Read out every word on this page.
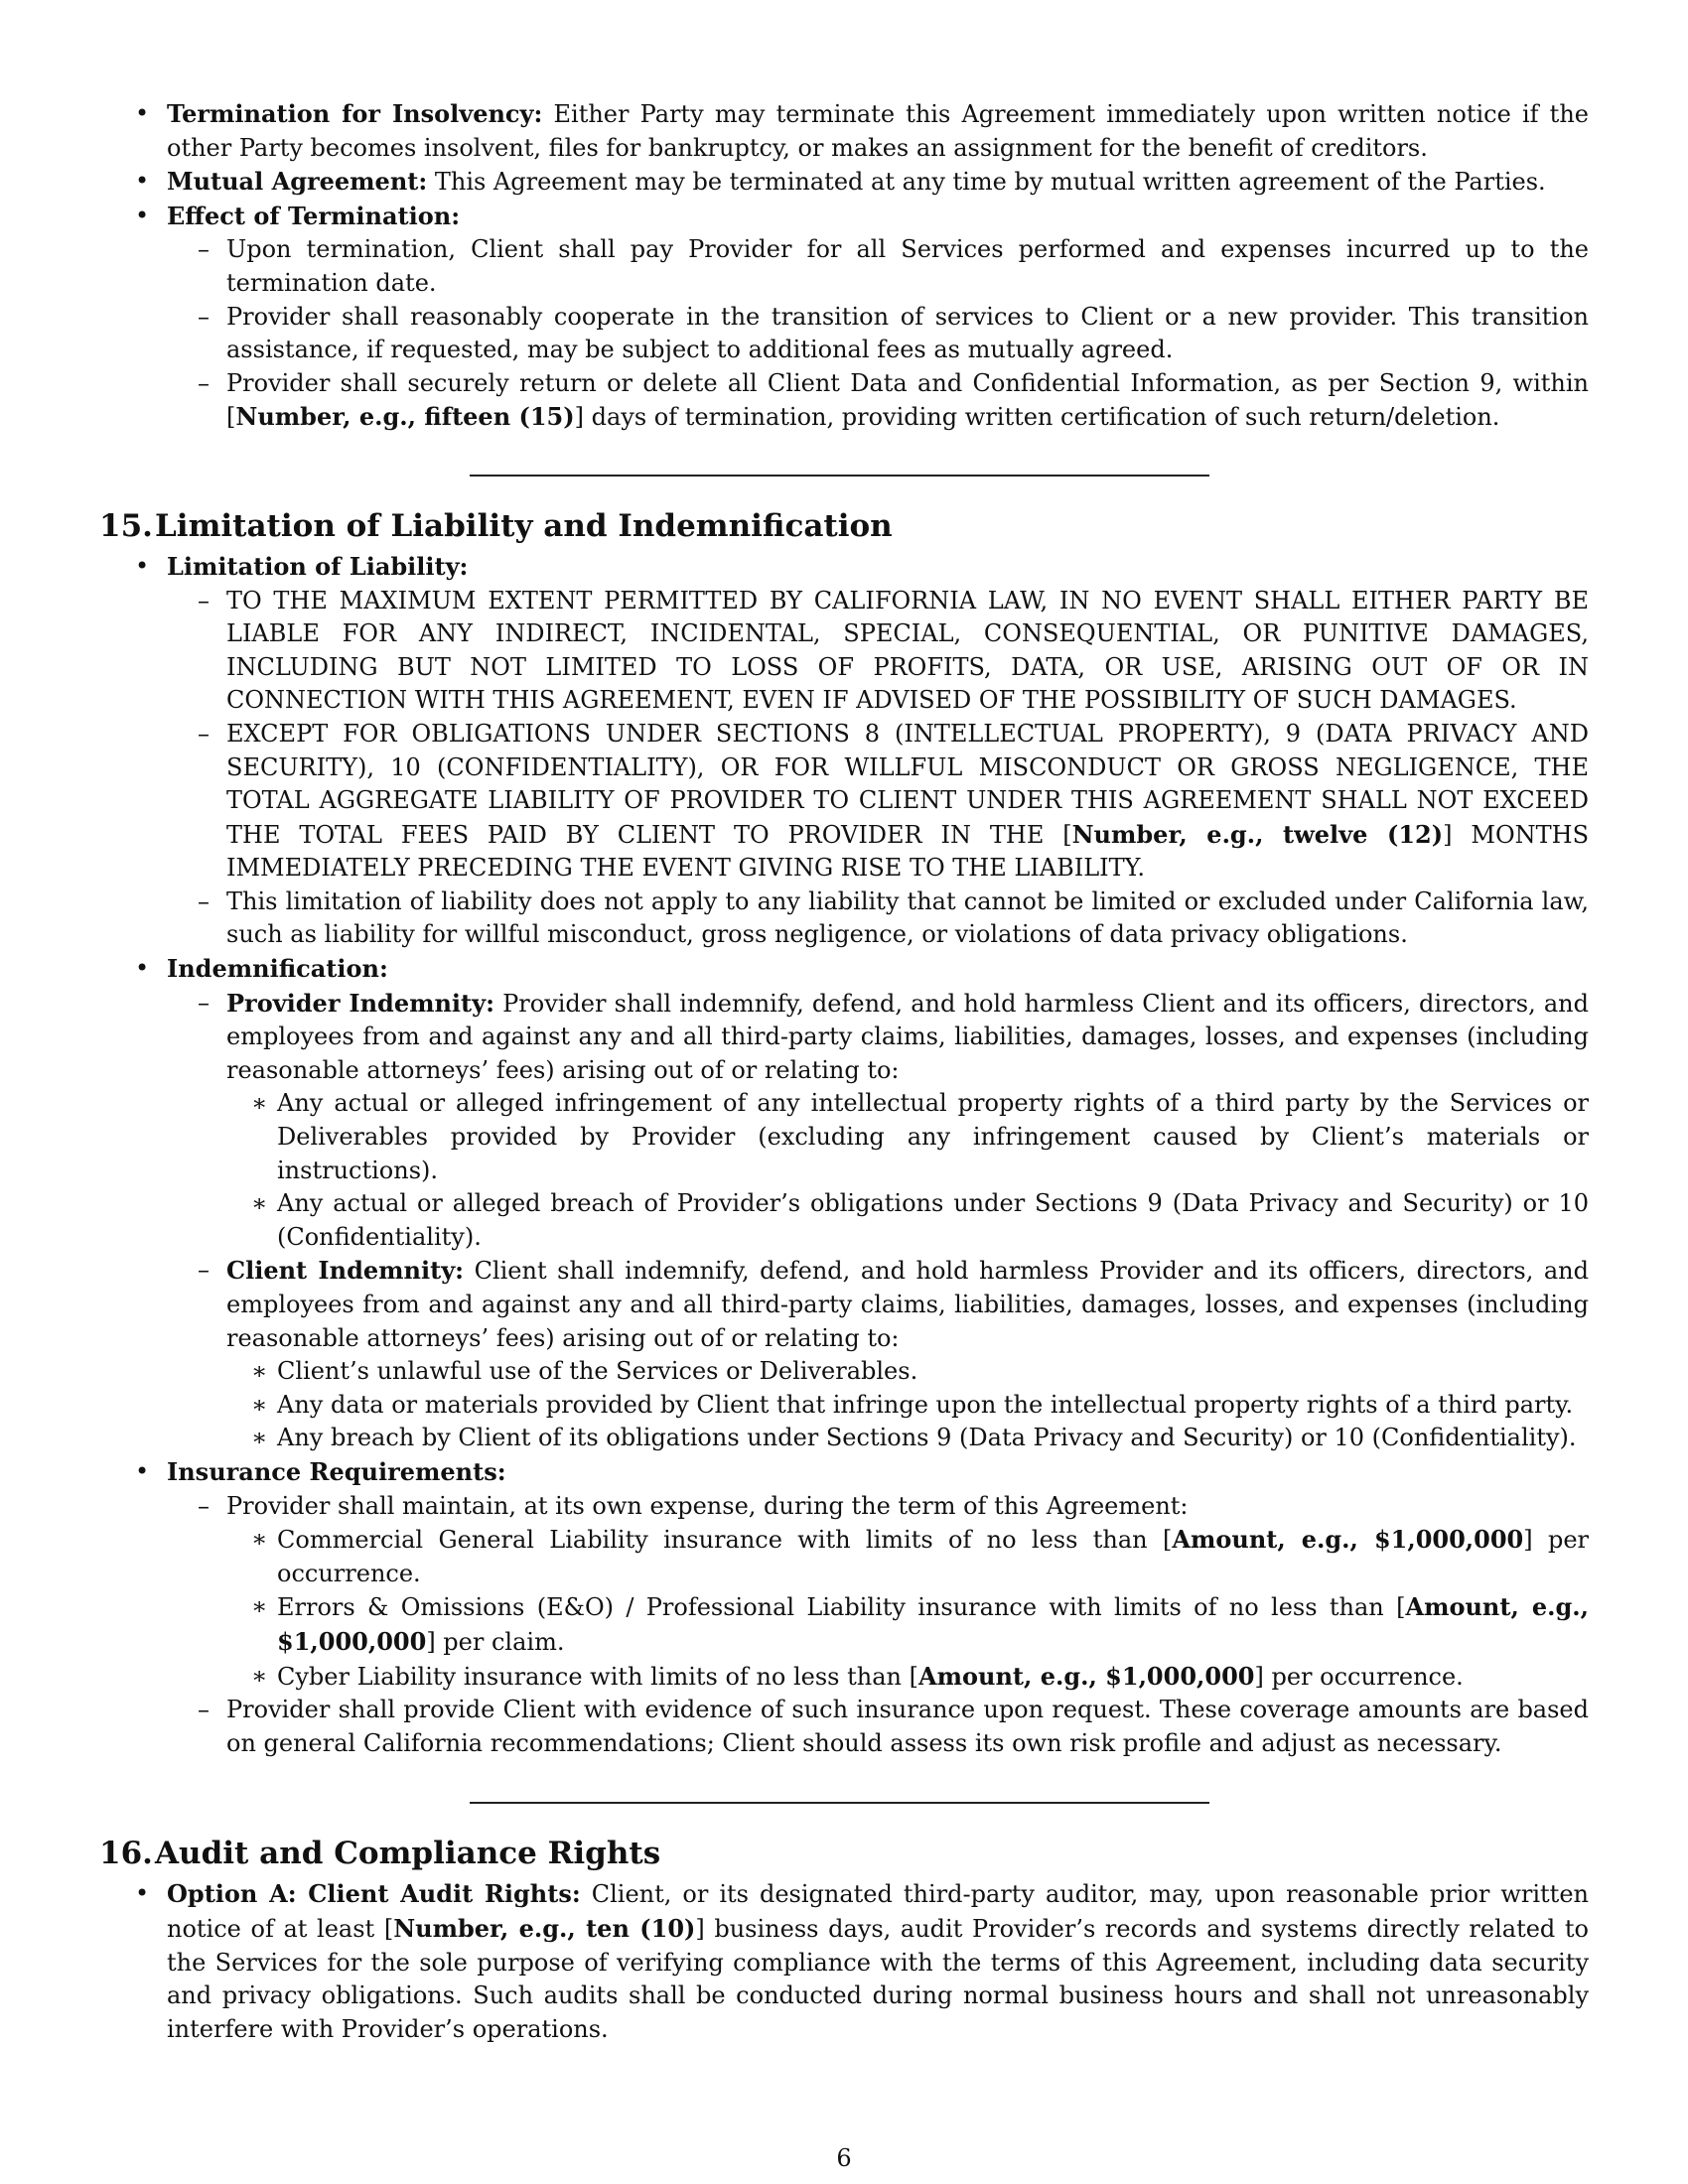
• Termination for Insolvency: Either Party may terminate this Agreement immediately upon written notice if the other Party becomes insolvent, files for bankruptcy, or makes an assignment for the benefit of creditors.
• Mutual Agreement: This Agreement may be terminated at any time by mutual written agreement of the Parties.
• Effect of Termination:
– Upon termination, Client shall pay Provider for all Services performed and expenses incurred up to the termination date.
– Provider shall reasonably cooperate in the transition of services to Client or a new provider. This transition assistance, if requested, may be subject to additional fees as mutually agreed.
– Provider shall securely return or delete all Client Data and Confidential Information, as per Section 9, within [Number, e.g., fifteen (15)] days of termination, providing written certification of such return/deletion.
15.Limitation of Liability and Indemnification
• Limitation of Liability:
– TO THE MAXIMUM EXTENT PERMITTED BY CALIFORNIA LAW, IN NO EVENT SHALL EITHER PARTY BE LIABLE FOR ANY INDIRECT, INCIDENTAL, SPECIAL, CONSEQUENTIAL, OR PUNITIVE DAMAGES, INCLUDING BUT NOT LIMITED TO LOSS OF PROFITS, DATA, OR USE, ARISING OUT OF OR IN CONNECTION WITH THIS AGREEMENT, EVEN IF ADVISED OF THE POSSIBILITY OF SUCH DAMAGES.
– EXCEPT FOR OBLIGATIONS UNDER SECTIONS 8 (INTELLECTUAL PROPERTY), 9 (DATA PRIVACY AND SECURITY), 10 (CONFIDENTIALITY), OR FOR WILLFUL MISCONDUCT OR GROSS NEGLIGENCE, THE TOTAL AGGREGATE LIABILITY OF PROVIDER TO CLIENT UNDER THIS AGREEMENT SHALL NOT EXCEED THE TOTAL FEES PAID BY CLIENT TO PROVIDER IN THE [Number, e.g., twelve (12)] MONTHS IMMEDIATELY PRECEDING THE EVENT GIVING RISE TO THE LIABILITY.
– This limitation of liability does not apply to any liability that cannot be limited or excluded under California law, such as liability for willful misconduct, gross negligence, or violations of data privacy obligations.
• Indemnification:
– Provider Indemnity: Provider shall indemnify, defend, and hold harmless Client and its officers, directors, and employees from and against any and all third-party claims, liabilities, damages, losses, and expenses (including reasonable attorneys’ fees) arising out of or relating to:
∗ Any actual or alleged infringement of any intellectual property rights of a third party by the Services or Deliverables provided by Provider (excluding any infringement caused by Client’s materials or instructions).
∗ Any actual or alleged breach of Provider’s obligations under Sections 9 (Data Privacy and Security) or 10 (Confidentiality).
– Client Indemnity: Client shall indemnify, defend, and hold harmless Provider and its officers, directors, and employees from and against any and all third-party claims, liabilities, damages, losses, and expenses (including reasonable attorneys’ fees) arising out of or relating to:
∗ Client’s unlawful use of the Services or Deliverables.
∗ Any data or materials provided by Client that infringe upon the intellectual property rights of a third party.
∗ Any breach by Client of its obligations under Sections 9 (Data Privacy and Security) or 10 (Confidentiality).
• Insurance Requirements:
– Provider shall maintain, at its own expense, during the term of this Agreement:
∗ Commercial General Liability insurance with limits of no less than [Amount, e.g., $1,000,000] per occurrence.
∗ Errors & Omissions (E&O) / Professional Liability insurance with limits of no less than [Amount, e.g., $1,000,000] per claim.
∗ Cyber Liability insurance with limits of no less than [Amount, e.g., $1,000,000] per occurrence.
– Provider shall provide Client with evidence of such insurance upon request. These coverage amounts are based on general California recommendations; Client should assess its own risk profile and adjust as necessary.
16.Audit and Compliance Rights
• Option A: Client Audit Rights: Client, or its designated third-party auditor, may, upon reasonable prior written notice of at least [Number, e.g., ten (10)] business days, audit Provider’s records and systems directly related to the Services for the sole purpose of verifying compliance with the terms of this Agreement, including data security and privacy obligations. Such audits shall be conducted during normal business hours and shall not unreasonably interfere with Provider’s operations.
6
